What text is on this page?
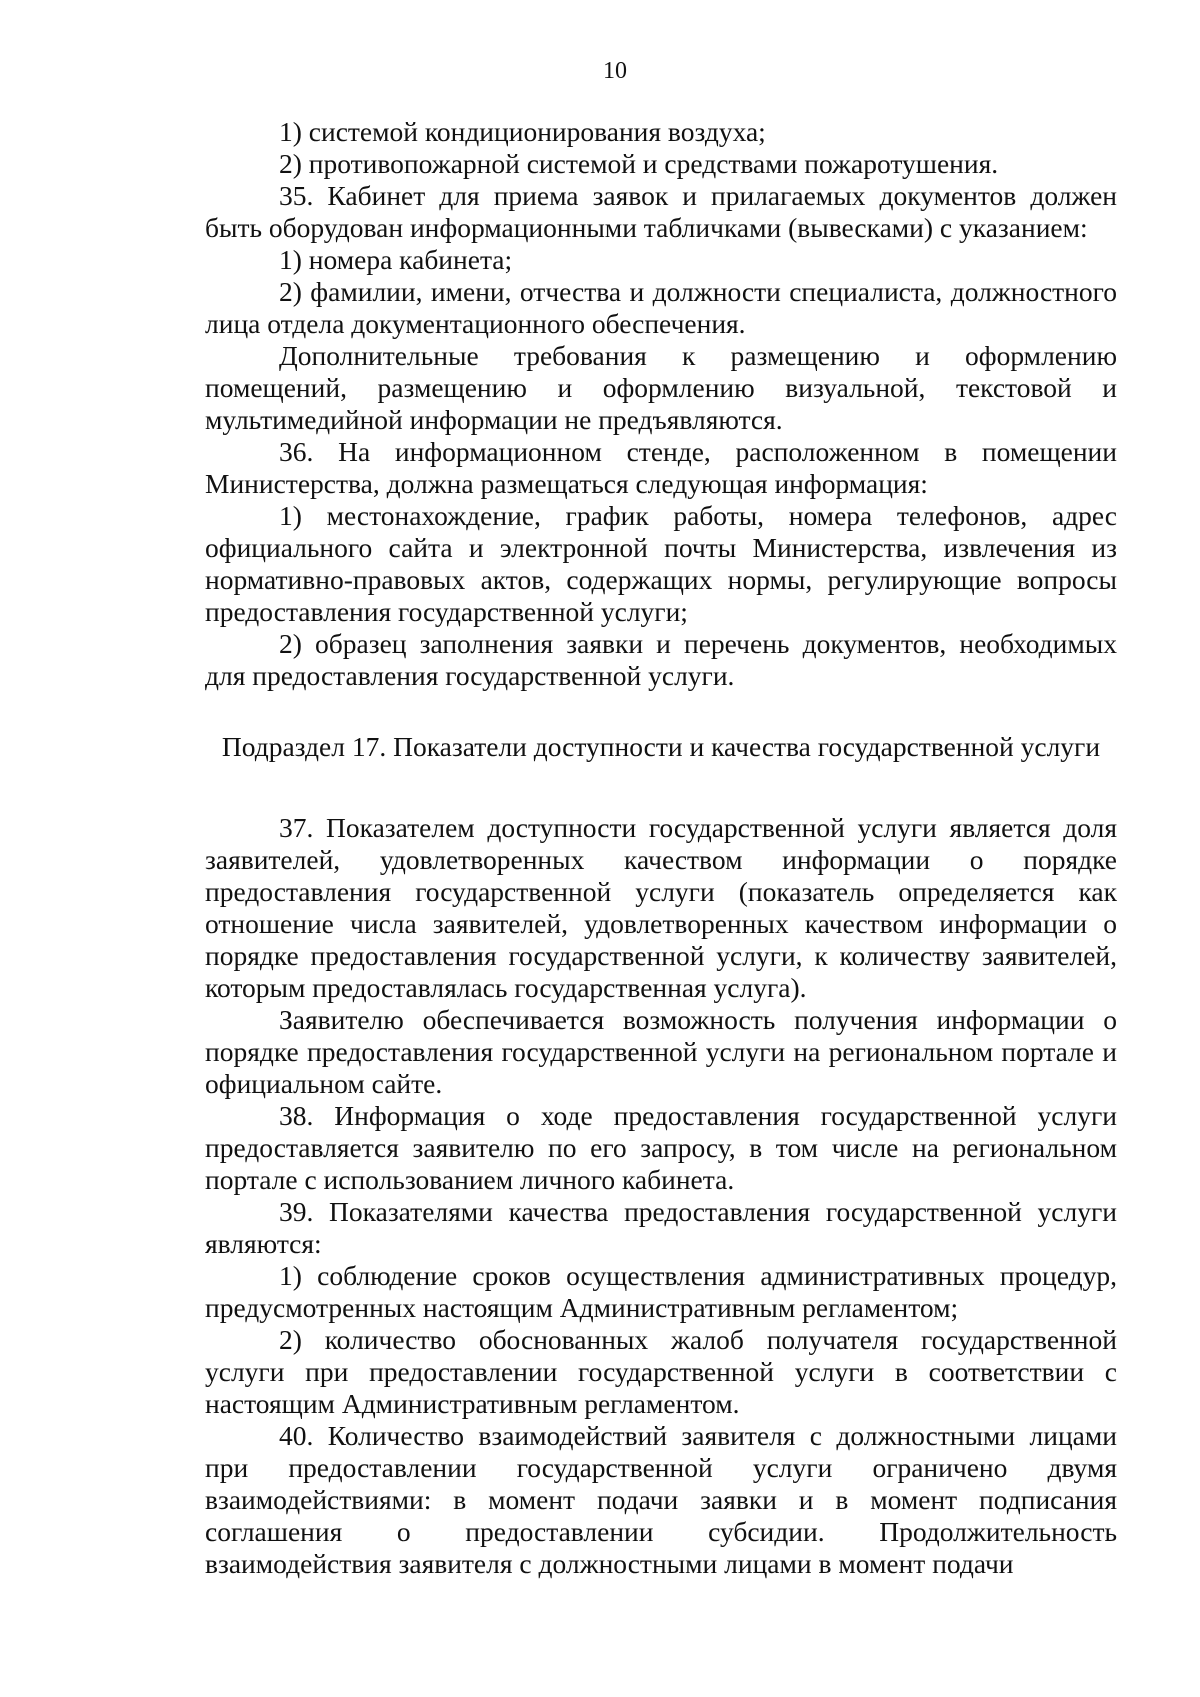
10

1) системой кондиционирования воздуха;

2) противопожарной системой и средствами пожаротушения.

35. Кабинет для приема заявок и прилагаемых документов должен быть оборудован информационными табличками (вывесками) с указанием:

1) номера кабинета;

2) фамилии, имени, отчества и должности специалиста, должностного лица отдела документационного обеспечения.

Дополнительные требования к размещению и оформлению помещений, размещению и оформлению визуальной, текстовой и мультимедийной информации не предъявляются.

36. На информационном стенде, расположенном в помещении Министерства, должна размещаться следующая информация:

1) местонахождение, график работы, номера телефонов, адрес официального сайта и электронной почты Министерства, извлечения из нормативно-правовых актов, содержащих нормы, регулирующие вопросы предоставления государственной услуги;

2) образец заполнения заявки и перечень документов, необходимых для предоставления государственной услуги.

Подраздел 17. Показатели доступности и качества государственной услуги

37. Показателем доступности государственной услуги является доля заявителей, удовлетворенных качеством информации о порядке предоставления государственной услуги (показатель определяется как отношение числа заявителей, удовлетворенных качеством информации о порядке предоставления государственной услуги, к количеству заявителей, которым предоставлялась государственная услуга).

Заявителю обеспечивается возможность получения информации о порядке предоставления государственной услуги на региональном портале и официальном сайте.

38. Информация о ходе предоставления государственной услуги предоставляется заявителю по его запросу, в том числе на региональном портале с использованием личного кабинета.

39. Показателями качества предоставления государственной услуги являются:

1) соблюдение сроков осуществления административных процедур, предусмотренных настоящим Административным регламентом;

2) количество обоснованных жалоб получателя государственной услуги при предоставлении государственной услуги в соответствии с настоящим Административным регламентом.

40. Количество взаимодействий заявителя с должностными лицами при предоставлении государственной услуги ограничено двумя взаимодействиями: в момент подачи заявки и в момент подписания соглашения о предоставлении субсидии. Продолжительность взаимодействия заявителя с должностными лицами в момент подачи
